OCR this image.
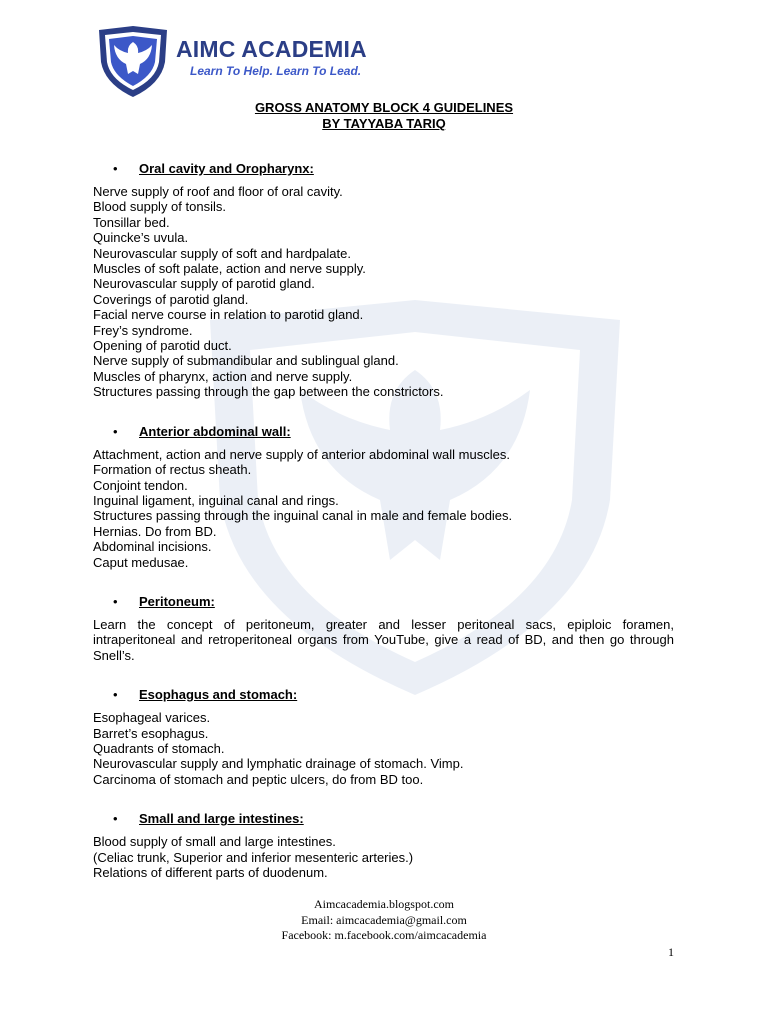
AIMC ACADEMIA
Learn To Help. Learn To Lead.
GROSS ANATOMY BLOCK 4 GUIDELINES
BY TAYYABA TARIQ
• Oral cavity and Oropharynx:
Nerve supply of roof and floor of oral cavity.
Blood supply of tonsils.
Tonsillar bed.
Quincke’s uvula.
Neurovascular supply of soft and hardpalate.
Muscles of soft palate, action and nerve supply.
Neurovascular supply of parotid gland.
Coverings of parotid gland.
Facial nerve course in relation to parotid gland.
Frey’s syndrome.
Opening of parotid duct.
Nerve supply of submandibular and sublingual gland.
Muscles of pharynx, action and nerve supply.
Structures passing through the gap between the constrictors.
• Anterior abdominal wall:
Attachment, action and nerve supply of anterior abdominal wall muscles.
Formation of rectus sheath.
Conjoint tendon.
Inguinal ligament, inguinal canal and rings.
Structures passing through the inguinal canal in male and female bodies.
Hernias. Do from BD.
Abdominal incisions.
Caput medusae.
• Peritoneum:

Learn the concept of peritoneum, greater and lesser peritoneal sacs, epiploic foramen, intraperitoneal and retroperitoneal organs from YouTube, give a read of BD, and then go through Snell’s.

• Esophagus and stomach:
Esophageal varices.
Barret’s esophagus.
Quadrants of stomach.
Neurovascular supply and lymphatic drainage of stomach. Vimp.
Carcinoma of stomach and peptic ulcers, do from BD too.
• Small and large intestines:
Blood supply of small and large intestines.
(Celiac trunk, Superior and inferior mesenteric arteries.)
Relations of different parts of duodenum.
Aimcacademia.blogspot.com
Email: aimcacademia@gmail.com
Facebook: m.facebook.com/aimcacademia
1
